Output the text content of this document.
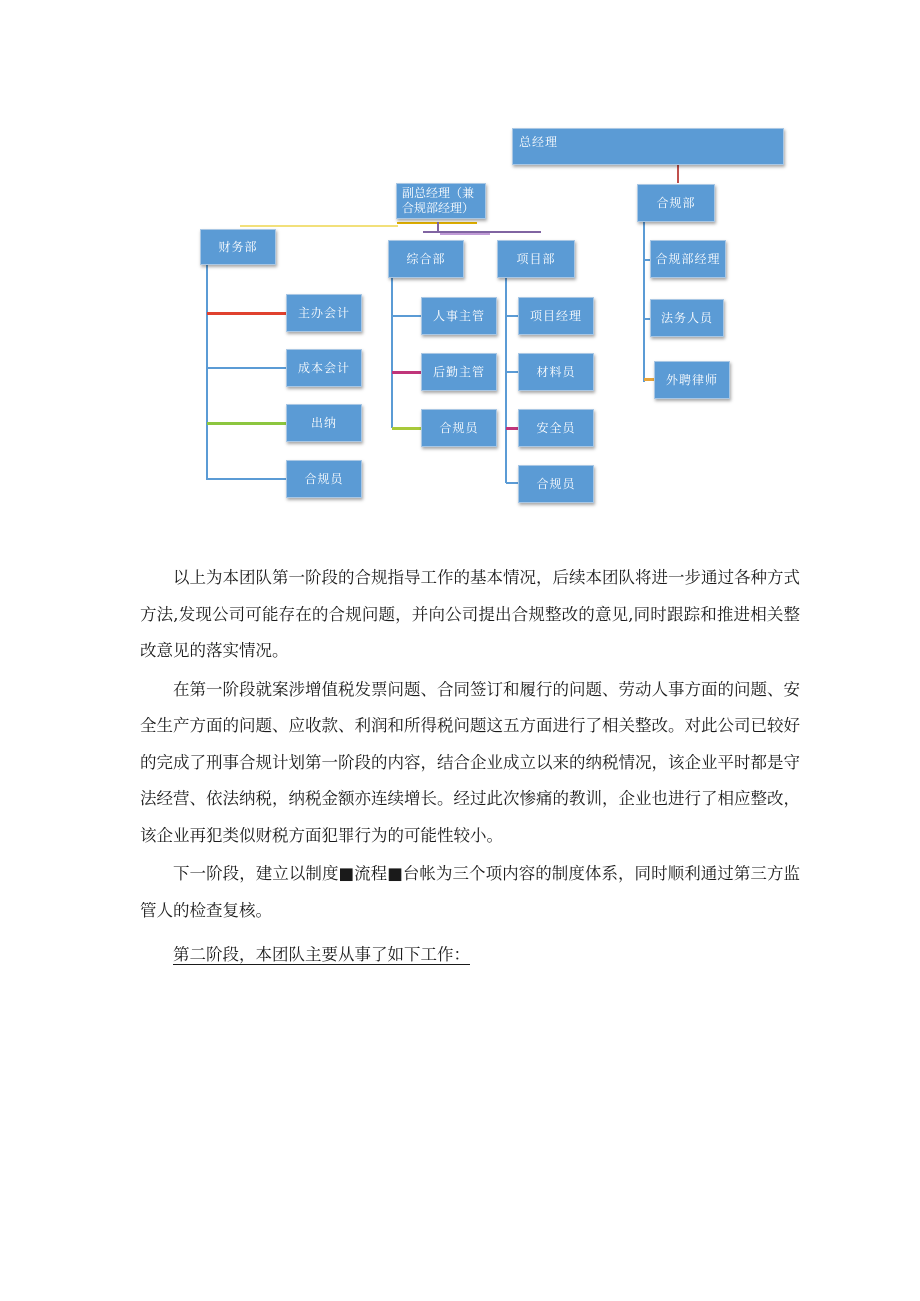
总经理
副总经理（兼合规部经理）
财务部
主办会计
成本会计
出纳
合规员
综合部
人事主管
后勤主管
合规员
项目部
项目经理
材料员
安全员
合规员
合规部
合规部经理
法务人员
外聘律师

以上为本团队第一阶段的合规指导工作的基本情况，后续本团队将进一步通过各种方式方法,发现公司可能存在的合规问题，并向公司提出合规整改的意见,同时跟踪和推进相关整改意见的落实情况。

在第一阶段就案涉增值税发票问题、合同签订和履行的问题、劳动人事方面的问题、安全生产方面的问题、应收款、利润和所得税问题这五方面进行了相关整改。对此公司已较好的完成了刑事合规计划第一阶段的内容，结合企业成立以来的纳税情况，该企业平时都是守法经营、依法纳税，纳税金额亦连续增长。经过此次惨痛的教训，企业也进行了相应整改，该企业再犯类似财税方面犯罪行为的可能性较小。

下一阶段，建立以制度■流程■台帐为三个项内容的制度体系，同时顺利通过第三方监管人的检查复核。

第二阶段，本团队主要从事了如下工作：
